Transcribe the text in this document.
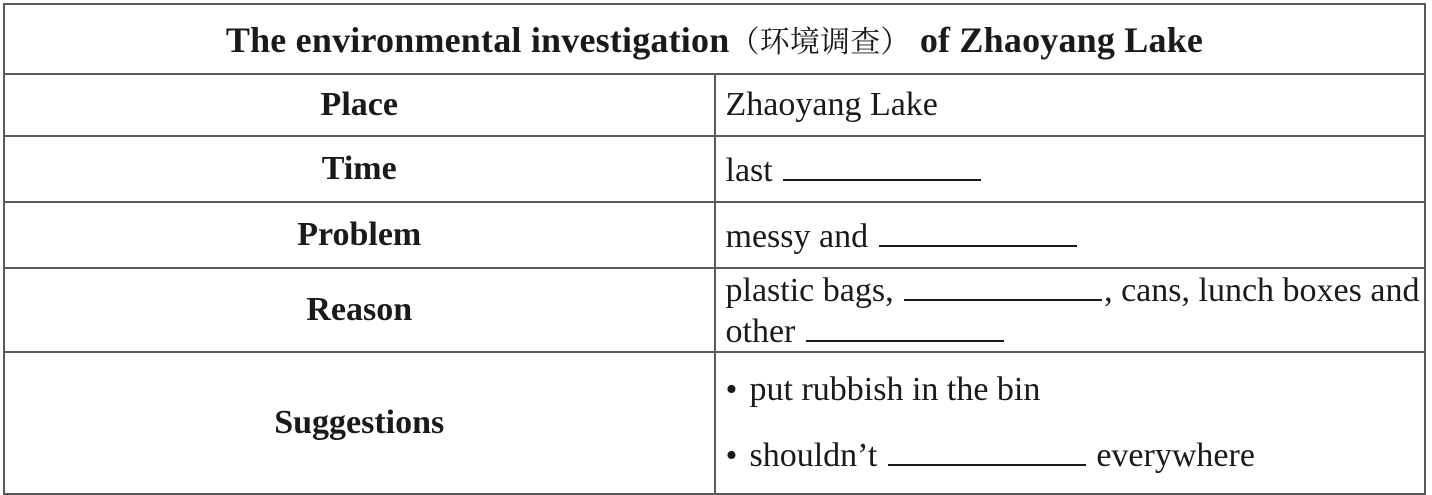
The environmental investigation（环境调查） of Zhaoyang Lake	
Place	Zhaoyang Lake
Time	last
Problem	messy and
Reason	plastic bags, , cans, lunch boxes and other
Suggestions	• put rubbish in the bin
• shouldn’t everywhere
